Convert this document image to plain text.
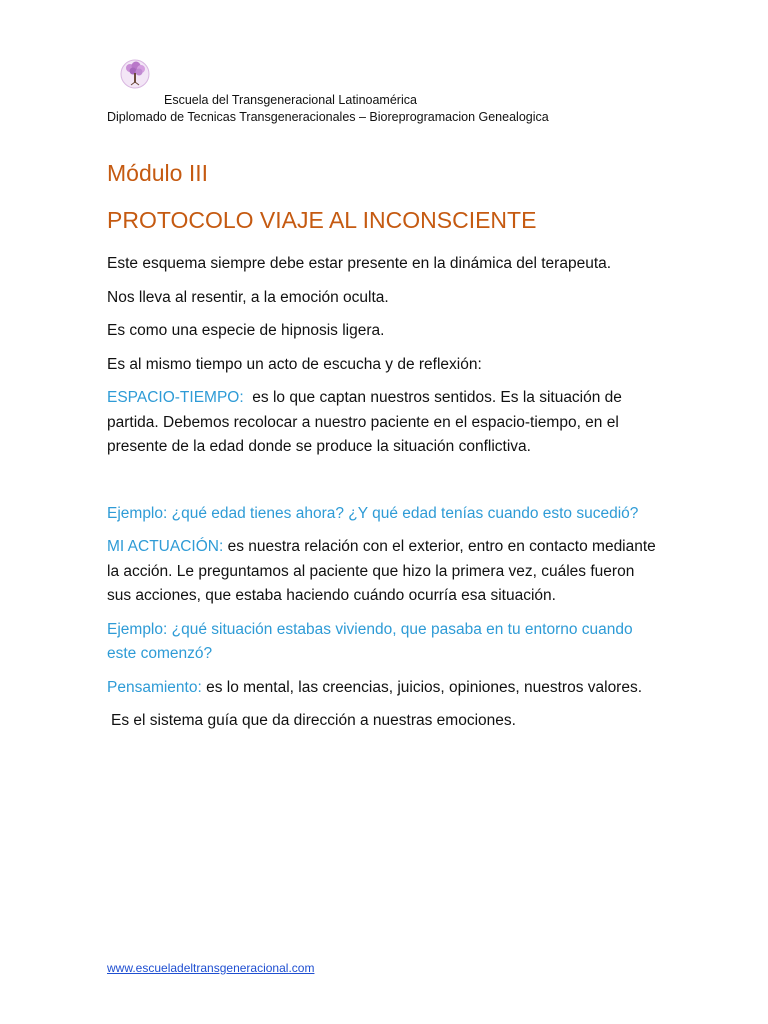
Escuela del Transgeneracional Latinoamérica
Diplomado de Tecnicas Transgeneracionales – Bioreprogramacion Genealogica
Módulo III
PROTOCOLO VIAJE AL INCONSCIENTE

Este esquema siempre debe estar presente en la dinámica del terapeuta.

Nos lleva al resentir, a la emoción oculta.

Es como una especie de hipnosis ligera.

Es al mismo tiempo un acto de escucha y de reflexión:

ESPACIO-TIEMPO:  es lo que captan nuestros sentidos. Es la situación de partida. Debemos recolocar a nuestro paciente en el espacio-tiempo, en el presente de la edad donde se produce la situación conflictiva.

Ejemplo: ¿qué edad tienes ahora? ¿Y qué edad tenías cuando esto sucedió?

MI ACTUACIÓN: es nuestra relación con el exterior, entro en contacto mediante la acción. Le preguntamos al paciente que hizo la primera vez, cuáles fueron sus acciones, que estaba haciendo cuándo ocurría esa situación.

Ejemplo: ¿qué situación estabas viviendo, que pasaba en tu entorno cuando este comenzó?

Pensamiento: es lo mental, las creencias, juicios, opiniones, nuestros valores.

Es el sistema guía que da dirección a nuestras emociones.

www.escueladeltransgeneracional.com
